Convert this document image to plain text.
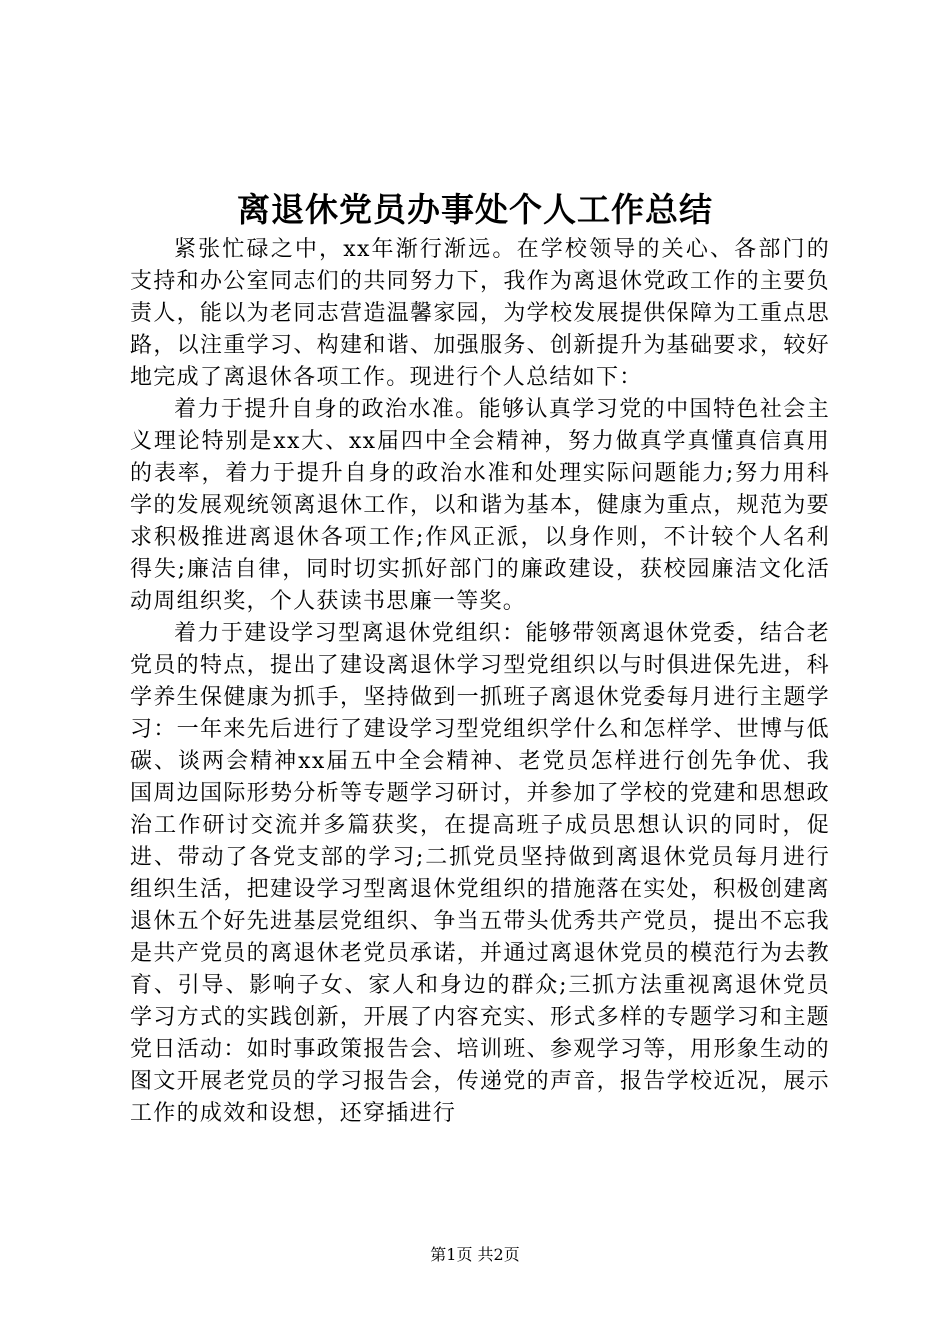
离退休党员办事处个人工作总结

紧张忙碌之中，xx年渐行渐远。在学校领导的关心、各部门的支持和办公室同志们的共同努力下，我作为离退休党政工作的主要负责人，能以为老同志营造温馨家园，为学校发展提供保障为工重点思路，以注重学习、构建和谐、加强服务、创新提升为基础要求，较好地完成了离退休各项工作。现进行个人总结如下：

着力于提升自身的政治水准。能够认真学习党的中国特色社会主义理论特别是xx大、xx届四中全会精神，努力做真学真懂真信真用的表率，着力于提升自身的政治水准和处理实际问题能力;努力用科学的发展观统领离退休工作，以和谐为基本，健康为重点，规范为要求积极推进离退休各项工作;作风正派，以身作则，不计较个人名利得失;廉洁自律，同时切实抓好部门的廉政建设，获校园廉洁文化活动周组织奖，个人获读书思廉一等奖。

着力于建设学习型离退休党组织：能够带领离退休党委，结合老党员的特点，提出了建设离退休学习型党组织以与时俱进保先进，科学养生保健康为抓手，坚持做到一抓班子离退休党委每月进行主题学习：一年来先后进行了建设学习型党组织学什么和怎样学、世博与低碳、谈两会精神xx届五中全会精神、老党员怎样进行创先争优、我国周边国际形势分析等专题学习研讨，并参加了学校的党建和思想政治工作研讨交流并多篇获奖，在提高班子成员思想认识的同时，促进、带动了各党支部的学习;二抓党员坚持做到离退休党员每月进行组织生活，把建设学习型离退休党组织的措施落在实处，积极创建离退休五个好先进基层党组织、争当五带头优秀共产党员，提出不忘我是共产党员的离退休老党员承诺，并通过离退休党员的模范行为去教育、引导、影响子女、家人和身边的群众;三抓方法重视离退休党员学习方式的实践创新，开展了内容充实、形式多样的专题学习和主题党日活动：如时事政策报告会、培训班、参观学习等，用形象生动的图文开展老党员的学习报告会，传递党的声音，报告学校近况，展示工作的成效和设想，还穿插进行

第1页 共2页
